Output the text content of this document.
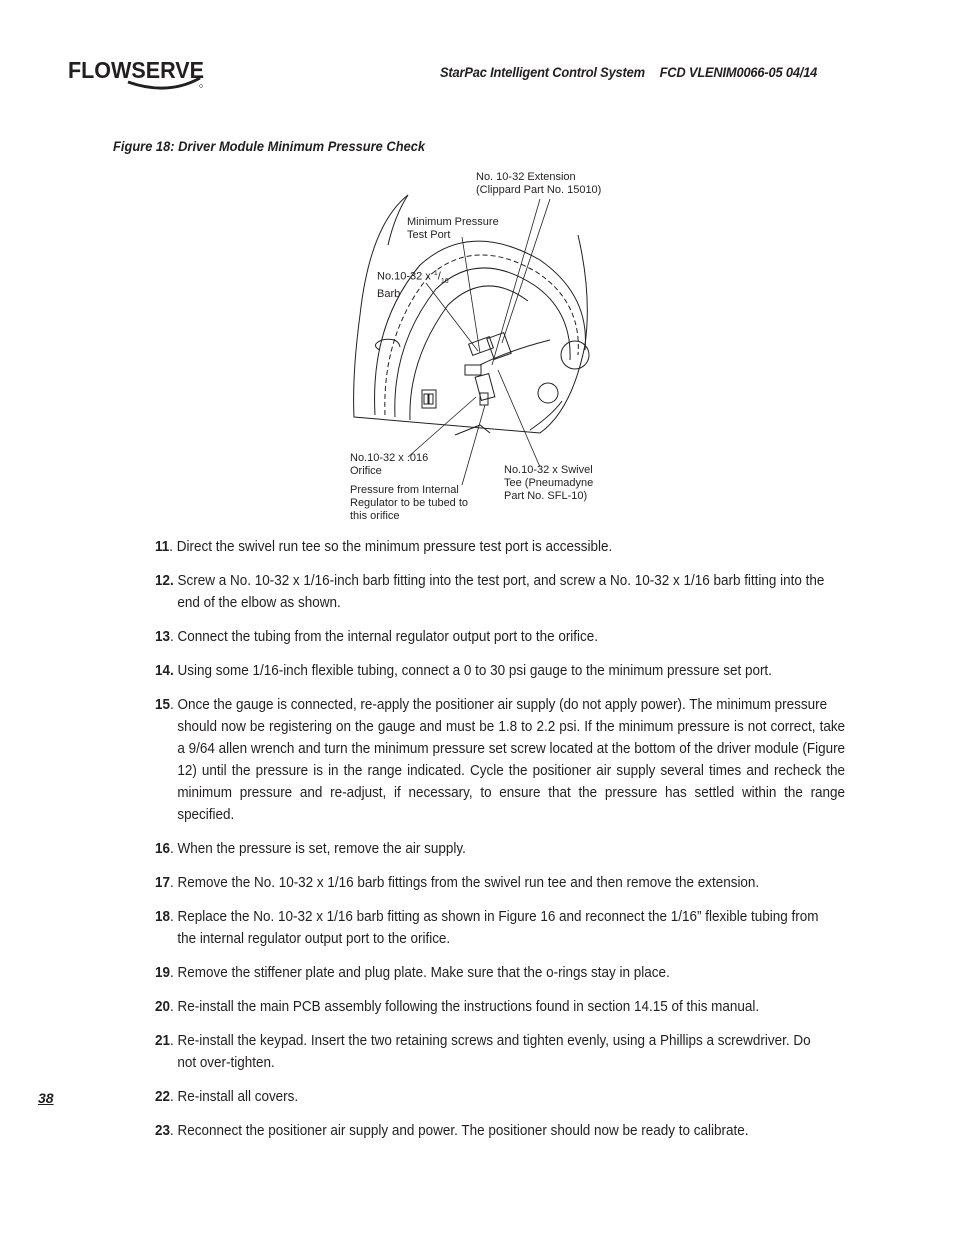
FLOWSERVE	StarPac Intelligent Control System FCD VLENIM0066-05 04/14
Figure 18: Driver Module Minimum Pressure Check
No. 10-32 Extension
(Clippard Part No. 15010)
Minimum Pressure
Test Port
No.10-32 x $^1/_{16}$
Barb
No.10-32 x .016
Orifice
Pressure from Internal
Regulator to be tubed to
this orifice
No.10-32 x Swivel
Tee (Pneumadyne
Part No. SFL-10)
11. Direct the swivel run tee so the minimum pressure test port is accessible.
12. Screw a No. 10-32 x 1/16-inch barb fitting into the test port, and screw a No. 10-32 x 1/16 barb fitting into the
end of the elbow as shown.
13. Connect the tubing from the internal regulator output port to the orifice.
14. Using some 1/16-inch flexible tubing, connect a 0 to 30 psi gauge to the minimum pressure set port.
15. Once the gauge is connected, re-apply the positioner air supply (do not apply power). The minimum pressure
should now be registering on the gauge and must be 1.8 to 2.2 psi. If the minimum pressure is not correct, take a 9/64 allen wrench and turn the minimum pressure set screw located at the bottom of the driver module (Figure 12) until the pressure is in the range indicated. Cycle the positioner air supply several times and recheck the minimum pressure and re-adjust, if necessary, to ensure that the pressure has settled within the range specified.
16. When the pressure is set, remove the air supply.
17. Remove the No. 10-32 x 1/16 barb fittings from the swivel run tee and then remove the extension.
18. Replace the No. 10-32 x 1/16 barb fitting as shown in Figure 16 and reconnect the 1/16” flexible tubing from
the internal regulator output port to the orifice.
19. Remove the stiffener plate and plug plate. Make sure that the o-rings stay in place.
20. Re-install the main PCB assembly following the instructions found in section 14.15 of this manual.
21. Re-install the keypad. Insert the two retaining screws and tighten evenly, using a Phillips a screwdriver. Do
not over-tighten.
22. Re-install all covers.
23. Reconnect the positioner air supply and power. The positioner should now be ready to calibrate.
38
